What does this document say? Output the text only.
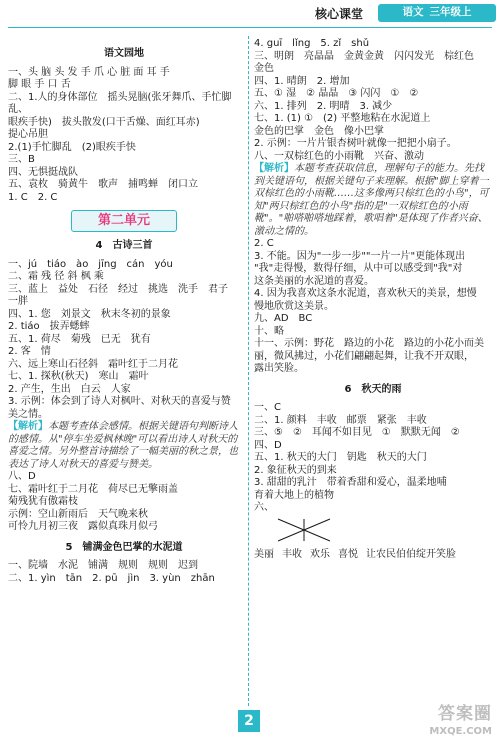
核心课堂	语文 三年级上
语文园地
一、头 脑 头 发 手 爪 心 脏 面 耳 手
脚 眼 手 口 舌
二、1.人的身体部位　摇头晃脑(张牙舞爪、手忙脚乱、
眼疾手快)　拔头散发(口干舌燥、面红耳赤)
提心吊胆
2.(1)手忙脚乱　(2)眼疾手快
三、B
四、无惧挺战队
五、袁枚　骑黄牛　歌声　捕鸣蝉　闭口立
1. C　2. C
第二单元
4　古诗三首
一、jú　tiáo　ào　jīng　cán　yóu
二、霜 残 径 斜 枫 乘
三、蓝上　益处　石径　经过　挑选　洗手　君子
一胖
四、1. 您　刘景文　秋末冬初的景象
2. tiáo　拔弄蟋蟀
五、1. 荷尽　菊残　已无　犹有
2. 客　情
六、远上寒山石径斜　霜叶红于二月花
七、1. 探秋(秋天)　寒山　霜叶
2. 产生，生出　白云　人家
3. 示例：体会到了诗人对枫叶、对秋天的喜爱与赞
美之情。
【解析】本题考查体会感情。根据关键语句判断诗人的感情。从"停车坐爱枫林晚"可以看出诗人对秋天的喜爱之情。另外整首诗描绘了一幅美丽的秋之景，也表达了诗人对秋天的喜爱与赞美。
八、D
七、霜叶红于二月花　荷尽已无擎雨盖
菊残犹有傲霜枝
示例：空山新雨后　天气晚来秋
可怜九月初三夜　露似真珠月似弓
5　铺满金色巴掌的水泥道
一、院墙　水泥　铺满　规则　规则　迟到
二、1. yìn　tān　2. pū　jìn　3. yùn　zhān
4. guī　lǐng　5. zǐ　shǔ
三、明朗　亮晶晶　金黄金黄　闪闪发光　棕红色
金色
四、1. 晴朗　2. 增加
五、① 湿　② 晶晶　③ 闪闪　①　②
六、1. 排列　2. 明晴　3. 减少
七、1. (1) ①　(2) 平整地粘在水泥道上
金色的巴掌　金色　像小巴掌
2. 示例：一片片银杏树叶就像一把把小扇子。
八、一双棕红色的小雨靴　兴奋、激动
【解析】本题考查获取信息，理解句子的能力。先找到关键语句，根据关键句子来理解。根据"脚上穿着一双棕红色的小雨靴……这多像两只棕红色的小鸟"，可知"两只棕红色的小鸟"指的是"一双棕红色的小雨靴"。"啪嗒啪嗒地踩着，歌唱着"是体现了作者兴奋、激动之情的。
2. C
3. 不能。因为"一步一步""一片一片"更能体现出
"我"走得慢，数得仔细，从中可以感受到"我"对
这条美丽的水泥道的喜爱。
4. 因为我喜欢这条水泥道，喜欢秋天的美景，想慢
慢地欣赏这美景。
九、AD　BC
十、略
十一、示例：野花　路边的小花　路边的小花小而美
丽，微风拂过，小花们翩翩起舞，让我不开双眼，
露出笑脸。
6　秋天的雨
一、C
二、1. 颜料　丰收　邮票　紧张　丰收
三、⑤　②　耳闻不如目见　①　默默无闻　②
四、D
五、1. 秋天的大门　钥匙　秋天的大门
2. 象征秋天的到来
3. 甜甜的乳汁　带着香甜和爱心，温柔地哺
育着大地上的植物
六、
美丽 丰收 欢乐 喜悦 让农民伯伯绽开笑脸
2	答案圈
MXQE.COM
